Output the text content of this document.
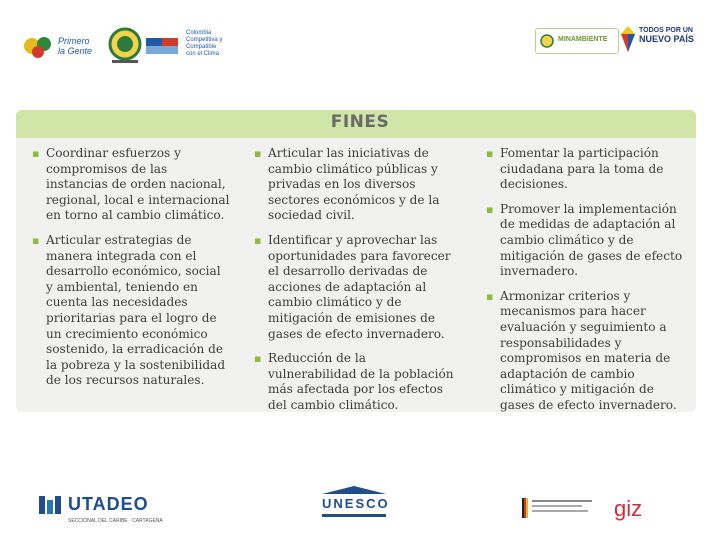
Primero la Gente
Colombia
Competitiva y
Compatible
con el Clima
MINAMBIENTE
TODOS POR UN
NUEVO PAÍS
FINES
▪ Coordinar esfuerzos y compromisos de las instancias de orden nacional, regional, local e internacional en torno al cambio climático.
▪ Articular estrategias de manera integrada con el desarrollo económico, social y ambiental, teniendo en cuenta las necesidades prioritarias para el logro de un crecimiento económico sostenido, la erradicación de la pobreza y la sostenibilidad de los recursos naturales.
▪ Articular las iniciativas de cambio climático públicas y privadas en los diversos sectores económicos y de la sociedad civil.
▪ Identificar y aprovechar las oportunidades para favorecer el desarrollo derivadas de acciones de adaptación al cambio climático y de mitigación de emisiones de gases de efecto invernadero.
▪ Reducción de la vulnerabilidad de la población más afectada por los efectos del cambio climático.
▪ Fomentar la participación ciudadana para la toma de decisiones.
▪ Promover la implementación de medidas de adaptación al cambio climático y de mitigación de gases de efecto invernadero.
▪ Armonizar criterios y mecanismos para hacer evaluación y seguimiento a responsabilidades y compromisos en materia de adaptación de cambio climático y mitigación de gases de efecto invernadero.
UTADEO
SECCIONAL DEL CARIBE · CARTAGENA
UNESCO	giz
